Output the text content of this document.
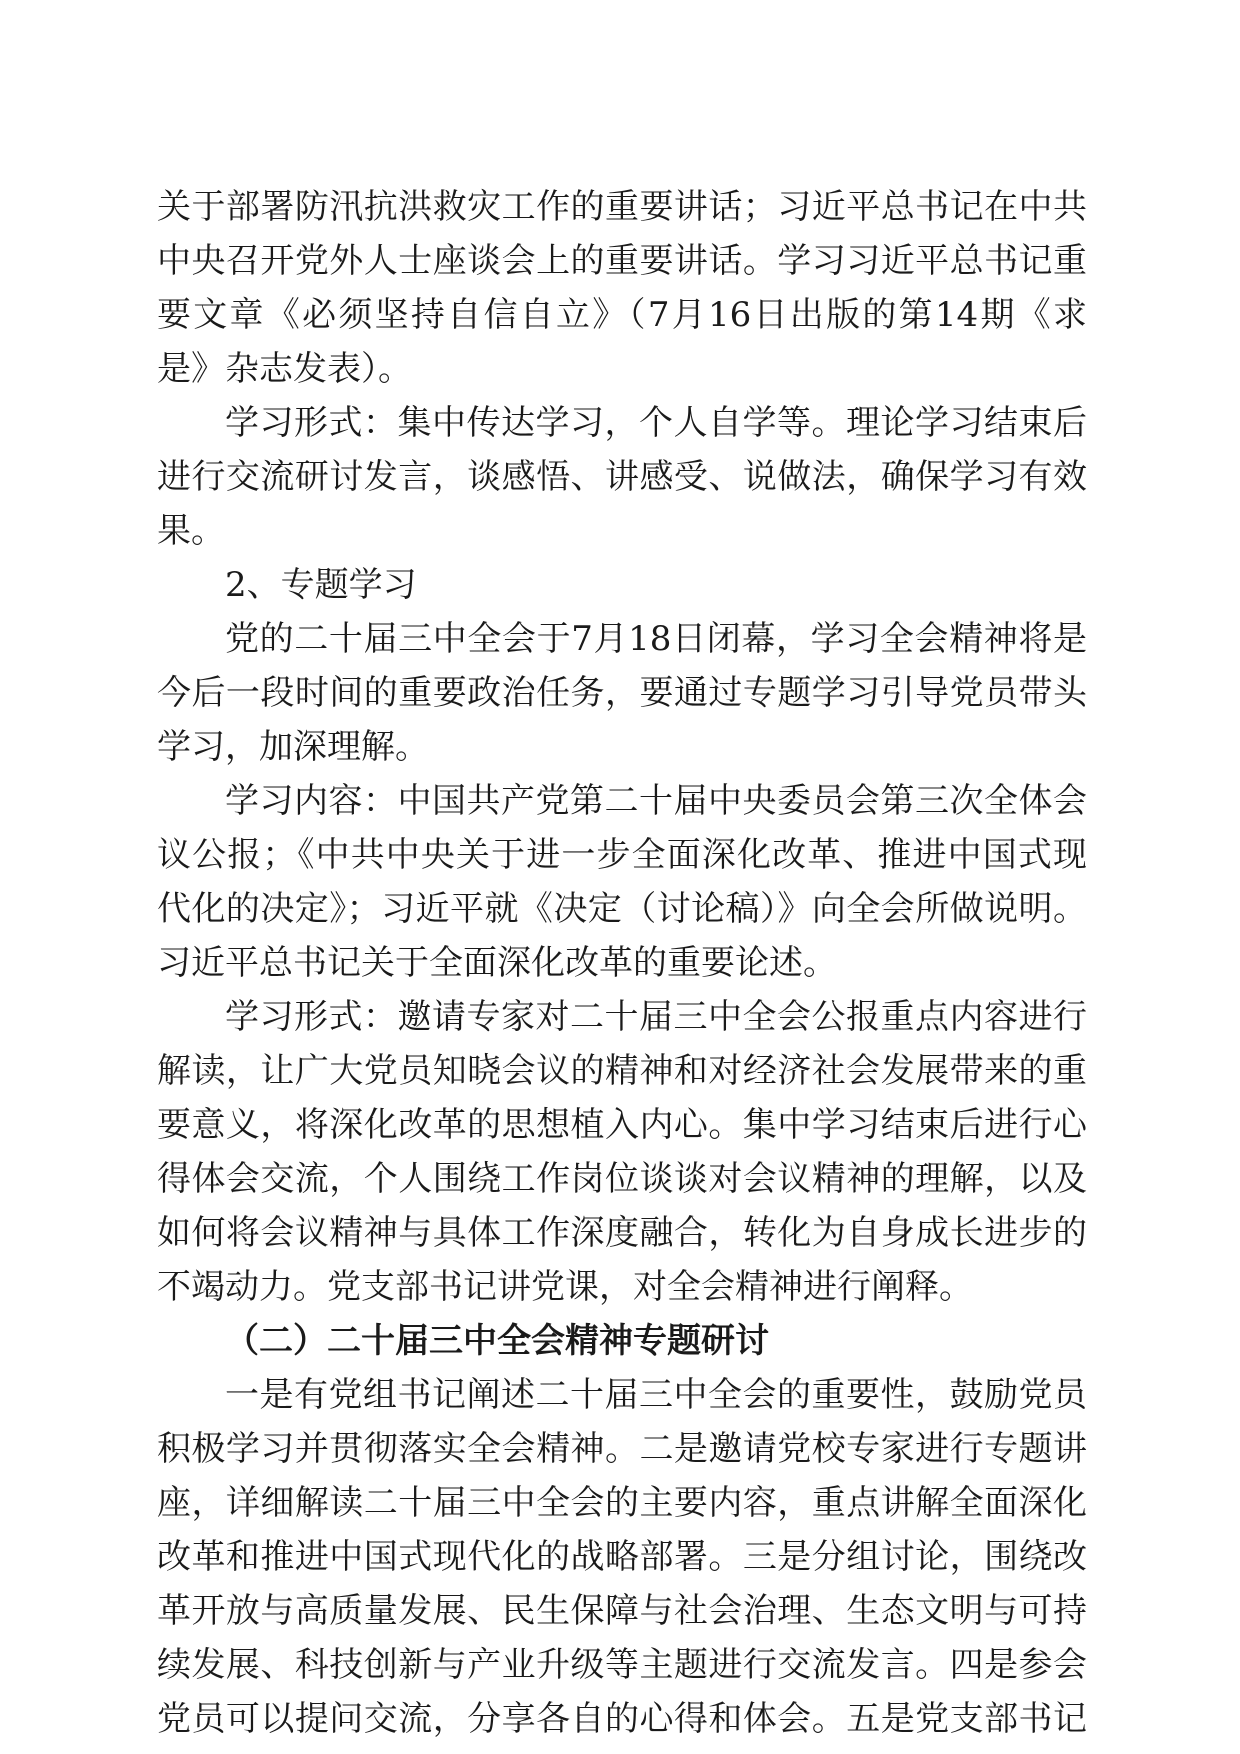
关于部署防汛抗洪救灾工作的重要讲话；习近平总书记在中共
中央召开党外人士座谈会上的重要讲话。学习习近平总书记重
要文章《必须坚持自信自立》（7月16日出版的第14期《求
是》杂志发表）。
学习形式：集中传达学习，个人自学等。理论学习结束后
进行交流研讨发言，谈感悟、讲感受、说做法，确保学习有效
果。
2、专题学习
党的二十届三中全会于7月18日闭幕，学习全会精神将是
今后一段时间的重要政治任务，要通过专题学习引导党员带头
学习，加深理解。
学习内容：中国共产党第二十届中央委员会第三次全体会
议公报；《中共中央关于进一步全面深化改革、推进中国式现
代化的决定》；习近平就《决定（讨论稿）》向全会所做说明。
习近平总书记关于全面深化改革的重要论述。
学习形式：邀请专家对二十届三中全会公报重点内容进行
解读，让广大党员知晓会议的精神和对经济社会发展带来的重
要意义，将深化改革的思想植入内心。集中学习结束后进行心
得体会交流，个人围绕工作岗位谈谈对会议精神的理解，以及
如何将会议精神与具体工作深度融合，转化为自身成长进步的
不竭动力。党支部书记讲党课，对全会精神进行阐释。
（二）二十届三中全会精神专题研讨
一是有党组书记阐述二十届三中全会的重要性，鼓励党员
积极学习并贯彻落实全会精神。二是邀请党校专家进行专题讲
座，详细解读二十届三中全会的主要内容，重点讲解全面深化
改革和推进中国式现代化的战略部署。三是分组讨论，围绕改
革开放与高质量发展、民生保障与社会治理、生态文明与可持
续发展、科技创新与产业升级等主题进行交流发言。四是参会
党员可以提问交流，分享各自的心得和体会。五是党支部书记
